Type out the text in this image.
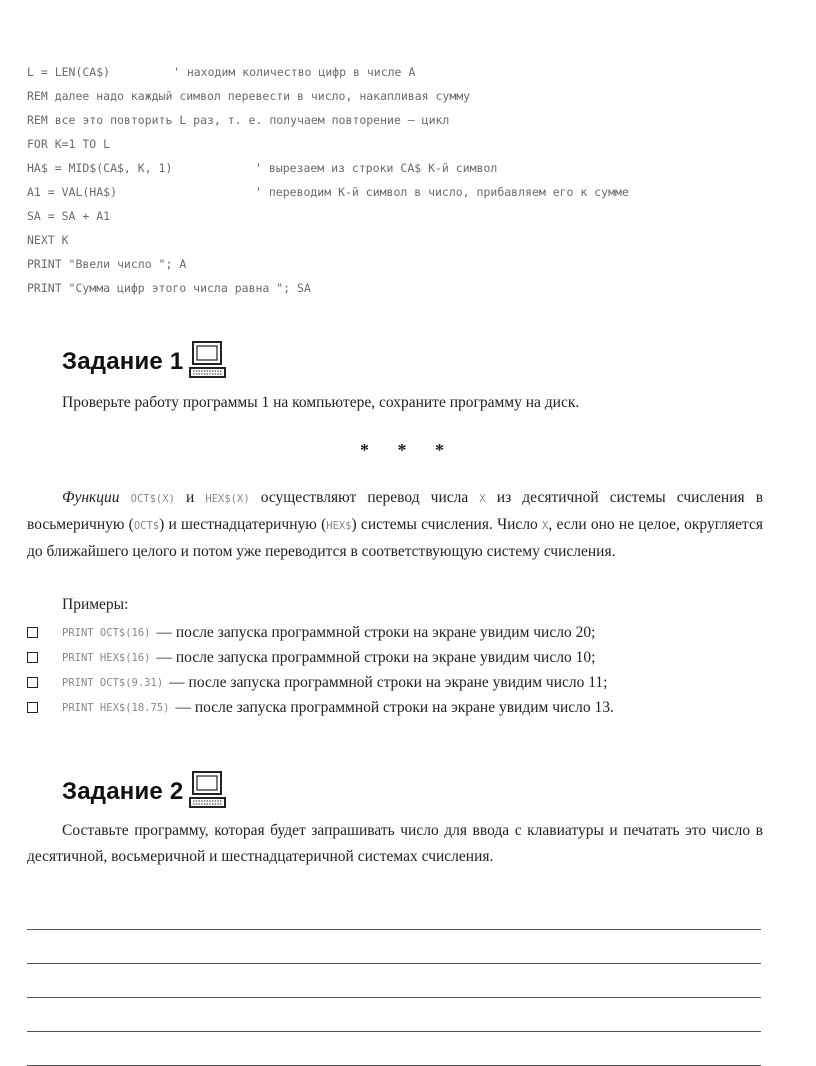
L = LEN(CA$)	' находим количество цифр в числе A
REM далее надо каждый символ перевести в число, накапливая сумму
REM все это повторить L раз, т. е. получаем повторение — цикл
FOR K=1 TO L
HA$ = MID$(CA$, K, 1)	' вырезаем из строки CA$ K-й символ
A1 = VAL(HA$)	' переводим K-й символ в число, прибавляем его к сумме
SA = SA + A1
NEXT K
PRINT "Ввели число "; A
PRINT "Сумма цифр этого числа равна "; SA
Задание 1
Проверьте работу программы 1 на компьютере, сохраните программу на диск.
* * *
Функции OCT$(X) и HEX$(X) осуществляют перевод числа X из десятичной системы счисления в восьмеричную (OCT$) и шестнадцатеричную (HEX$) системы счисления. Число X, если оно не целое, округляется до ближайшего целого и потом уже переводится в соответствующую систему счисления.
Примеры:
PRINT OCT$(16) — после запуска программной строки на экране увидим число 20;
PRINT HEX$(16) — после запуска программной строки на экране увидим число 10;
PRINT OCT$(9.31) — после запуска программной строки на экране увидим число 11;
PRINT HEX$(18.75) — после запуска программной строки на экране увидим число 13.
Задание 2
Составьте программу, которая будет запрашивать число для ввода с клавиатуры и печатать это число в десятичной, восьмеричной и шестнадцатеричной системах счисления.
